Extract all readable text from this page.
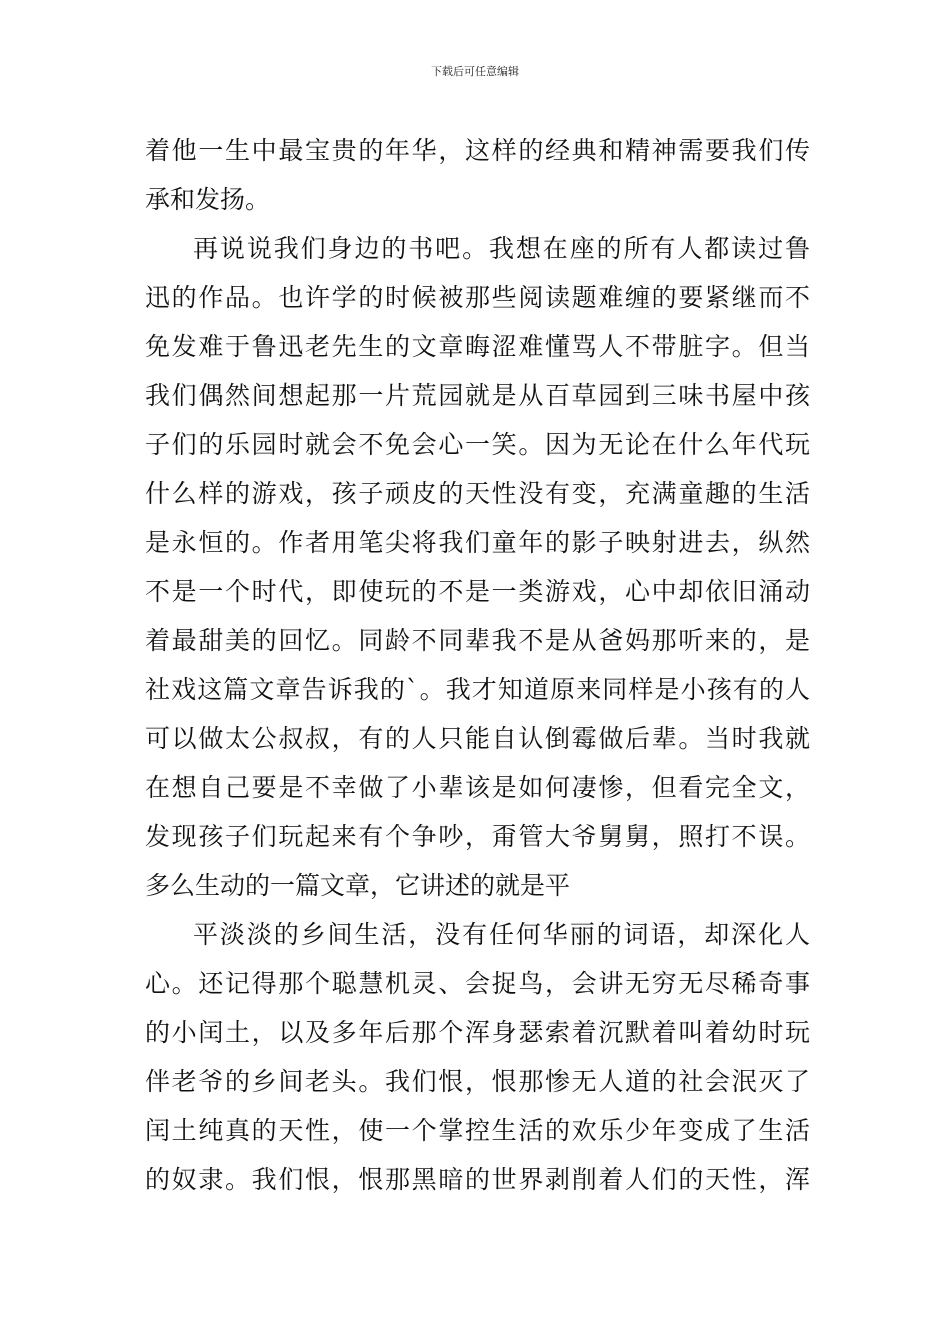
下载后可任意编辑
着他一生中最宝贵的年华，这样的经典和精神需要我们传
承和发扬。
再说说我们身边的书吧。我想在座的所有人都读过鲁
迅的作品。也许学的时候被那些阅读题难缠的要紧继而不
免发难于鲁迅老先生的文章晦涩难懂骂人不带脏字。但当
我们偶然间想起那一片荒园就是从百草园到三味书屋中孩
子们的乐园时就会不免会心一笑。因为无论在什么年代玩
什么样的游戏，孩子顽皮的天性没有变，充满童趣的生活
是永恒的。作者用笔尖将我们童年的影子映射进去，纵然
不是一个时代，即使玩的不是一类游戏，心中却依旧涌动
着最甜美的回忆。同龄不同辈我不是从爸妈那听来的，是
社戏这篇文章告诉我的`。我才知道原来同样是小孩有的人
可以做太公叔叔，有的人只能自认倒霉做后辈。当时我就
在想自己要是不幸做了小辈该是如何凄惨，但看完全文，
发现孩子们玩起来有个争吵，甭管大爷舅舅，照打不误。
多么生动的一篇文章，它讲述的就是平
平淡淡的乡间生活，没有任何华丽的词语，却深化人
心。还记得那个聪慧机灵、会捉鸟，会讲无穷无尽稀奇事
的小闰土，以及多年后那个浑身瑟索着沉默着叫着幼时玩
伴老爷的乡间老头。我们恨，恨那惨无人道的社会泯灭了
闰土纯真的天性，使一个掌控生活的欢乐少年变成了生活
的奴隶。我们恨，恨那黑暗的世界剥削着人们的天性，浑
